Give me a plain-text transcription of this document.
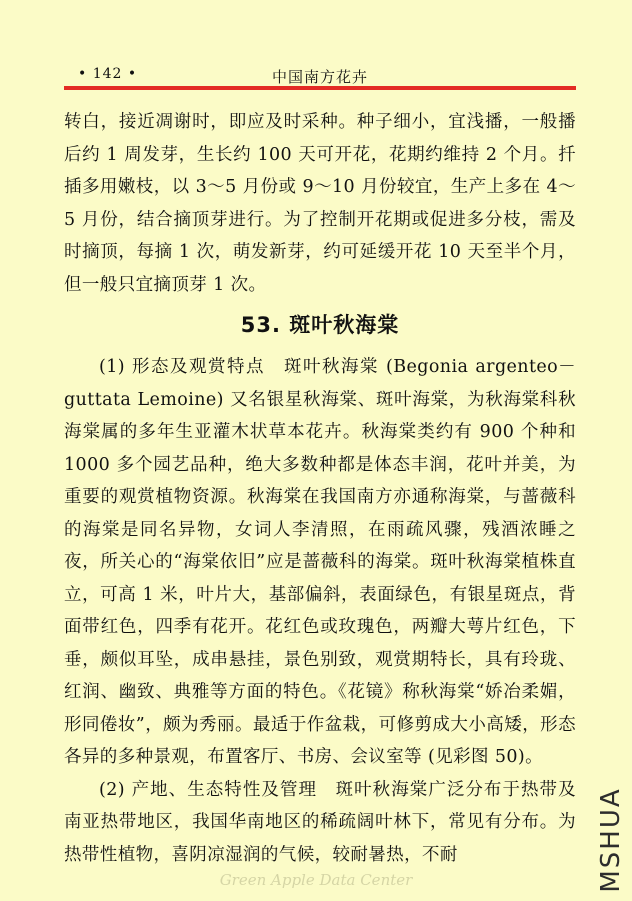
• 142 •	中国南方花卉

转白，接近凋谢时，即应及时采种。种子细小，宜浅播，一般播后约 1 周发芽，生长约 100 天可开花，花期约维持 2 个月。扦插多用嫩枝，以 3～5 月份或 9～10 月份较宜，生产上多在 4～5 月份，结合摘顶芽进行。为了控制开花期或促进多分枝，需及时摘顶，每摘 1 次，萌发新芽，约可延缓开花 10 天至半个月，但一般只宜摘顶芽 1 次。

53. 斑叶秋海棠

(1) 形态及观赏特点　斑叶秋海棠 (Begonia argenteo－guttata Lemoine) 又名银星秋海棠、斑叶海棠，为秋海棠科秋海棠属的多年生亚灌木状草本花卉。秋海棠类约有 900 个种和 1000 多个园艺品种，绝大多数种都是体态丰润，花叶并美，为重要的观赏植物资源。秋海棠在我国南方亦通称海棠，与蔷薇科的海棠是同名异物，女词人李清照，在雨疏风骤，残酒浓睡之夜，所关心的“海棠依旧”应是蔷薇科的海棠。斑叶秋海棠植株直立，可高 1 米，叶片大，基部偏斜，表面绿色，有银星斑点，背面带红色，四季有花开。花红色或玫瑰色，两瓣大萼片红色，下垂，颇似耳坠，成串悬挂，景色别致，观赏期特长，具有玲珑、红润、幽致、典雅等方面的特色。《花镜》称秋海棠“娇冶柔媚，形同倦妆”，颇为秀丽。最适于作盆栽，可修剪成大小高矮，形态各异的多种景观，布置客厅、书房、会议室等 (见彩图 50)。

(2) 产地、生态特性及管理　斑叶秋海棠广泛分布于热带及南亚热带地区，我国华南地区的稀疏阔叶林下，常见有分布。为热带性植物，喜阴凉湿润的气候，较耐暑热，不耐	MSHUA
Green Apple Data Center
